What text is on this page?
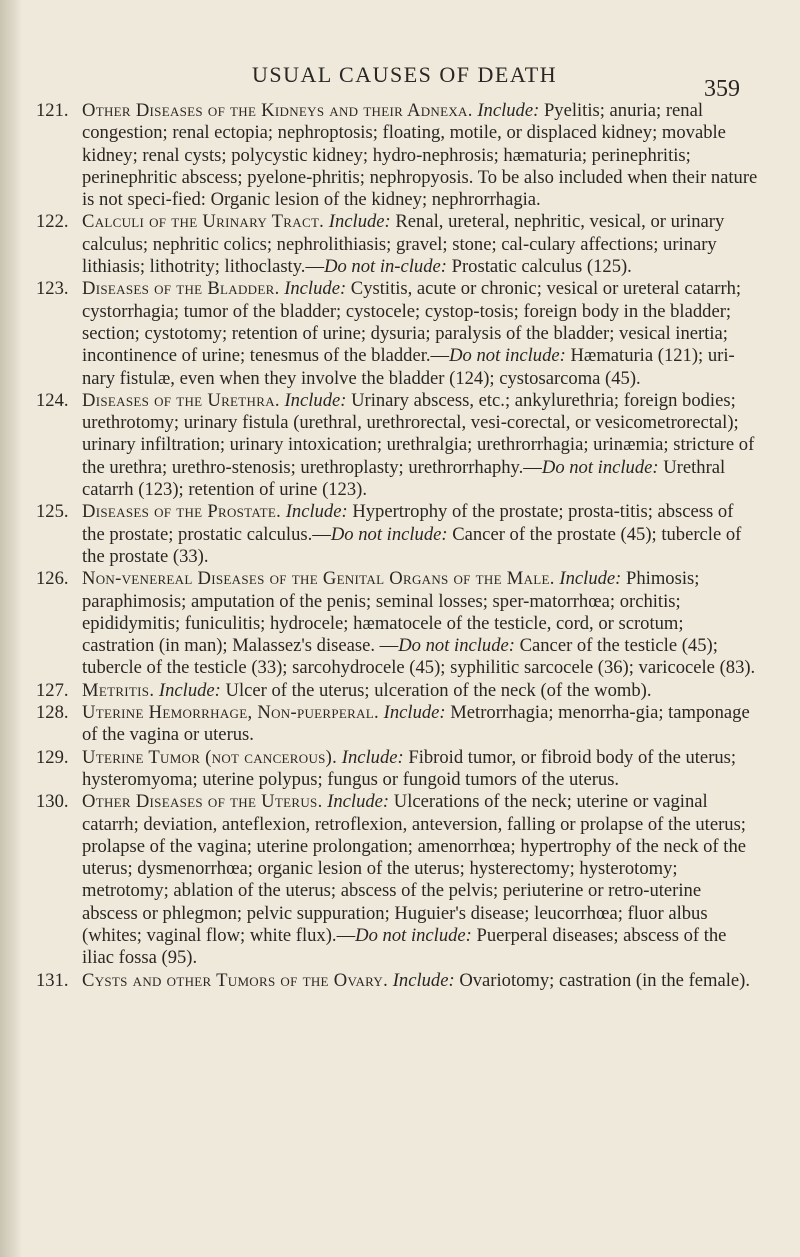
USUAL CAUSES OF DEATH
359

121. Other Diseases of the Kidneys and their Adnexa. Include: Pyelitis; anuria; renal congestion; renal ectopia; nephroptosis; floating, motile, or displaced kidney; movable kidney; renal cysts; polycystic kidney; hydro-nephrosis; hæmaturia; perinephritis; perinephritic abscess; pyelone-phritis; nephropyosis. To be also included when their nature is not speci-fied: Organic lesion of the kidney; nephrorrhagia.

122. Calculi of the Urinary Tract. Include: Renal, ureteral, nephritic, vesical, or urinary calculus; nephritic colics; nephrolithiasis; gravel; stone; cal-culary affections; urinary lithiasis; lithotrity; lithoclasty.—Do not in-clude: Prostatic calculus (125).

123. Diseases of the Bladder. Include: Cystitis, acute or chronic; vesical or ureteral catarrh; cystorrhagia; tumor of the bladder; cystocele; cystop-tosis; foreign body in the bladder; section; cystotomy; retention of urine; dysuria; paralysis of the bladder; vesical inertia; incontinence of urine; tenesmus of the bladder.—Do not include: Hæmaturia (121); uri-nary fistulæ, even when they involve the bladder (124); cystosarcoma (45).

124. Diseases of the Urethra. Include: Urinary abscess, etc.; ankylurethria; foreign bodies; urethrotomy; urinary fistula (urethral, urethrorectal, vesi-corectal, or vesicometrorectal); urinary infiltration; urinary intoxication; urethralgia; urethrorrhagia; urinæmia; stricture of the urethra; urethro-stenosis; urethroplasty; urethrorrhaphy.—Do not include: Urethral catarrh (123); retention of urine (123).

125. Diseases of the Prostate. Include: Hypertrophy of the prostate; prosta-titis; abscess of the prostate; prostatic calculus.—Do not include: Cancer of the prostate (45); tubercle of the prostate (33).

126. Non-venereal Diseases of the Genital Organs of the Male. Include: Phimosis; paraphimosis; amputation of the penis; seminal losses; sper-matorrhœa; orchitis; epididymitis; funiculitis; hydrocele; hæmatocele of the testicle, cord, or scrotum; castration (in man); Malassez's disease. —Do not include: Cancer of the testicle (45); tubercle of the testicle (33); sarcohydrocele (45); syphilitic sarcocele (36); varicocele (83).

127. Metritis. Include: Ulcer of the uterus; ulceration of the neck (of the womb).

128. Uterine Hemorrhage, Non-puerperal. Include: Metrorrhagia; menorrha-gia; tamponage of the vagina or uterus.

129. Uterine Tumor (not cancerous). Include: Fibroid tumor, or fibroid body of the uterus; hysteromyoma; uterine polypus; fungus or fungoid tumors of the uterus.

130. Other Diseases of the Uterus. Include: Ulcerations of the neck; uterine or vaginal catarrh; deviation, anteflexion, retroflexion, anteversion, falling or prolapse of the uterus; prolapse of the vagina; uterine prolongation; amenorrhœa; hypertrophy of the neck of the uterus; dysmenorrhœa; organic lesion of the uterus; hysterectomy; hysterotomy; metrotomy; ablation of the uterus; abscess of the pelvis; periuterine or retro-uterine abscess or phlegmon; pelvic suppuration; Huguier's disease; leucorrhœa; fluor albus (whites; vaginal flow; white flux).—Do not include: Puerperal diseases; abscess of the iliac fossa (95).

131. Cysts and other Tumors of the Ovary. Include: Ovariotomy; castration (in the female).
